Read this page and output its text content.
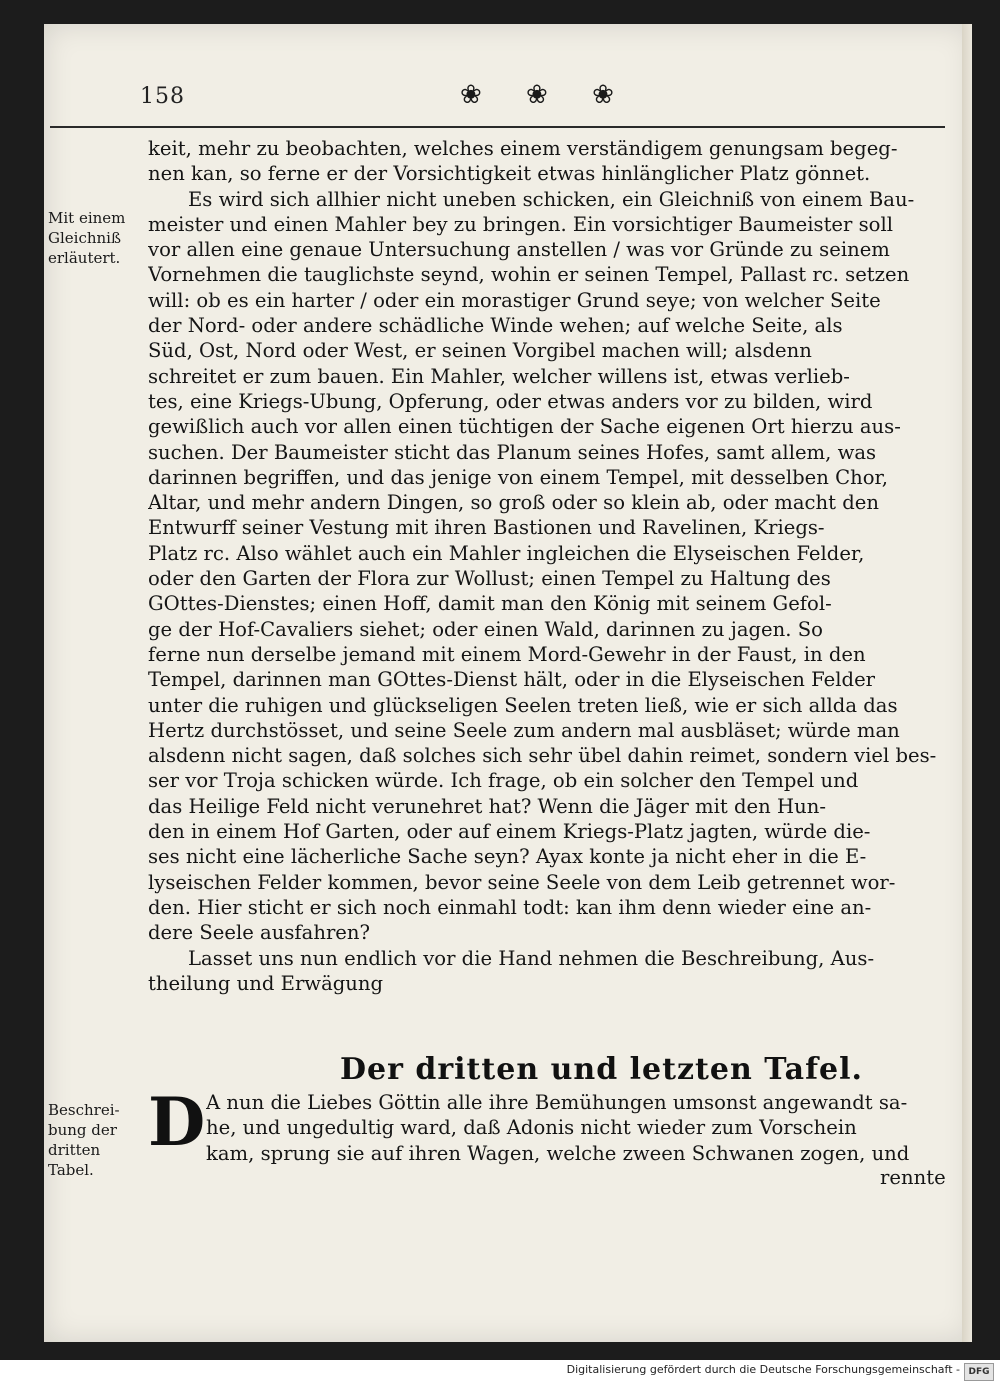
158	❀ ❀ ❀
Mit einem
Gleichniß
erläutert.
keit, mehr zu beobachten, welches einem verständigem genungsam begeg-
nen kan, so ferne er der Vorsichtigkeit etwas hinlänglicher Platz gönnet.
Es wird sich allhier nicht uneben schicken, ein Gleichniß von einem Bau-
meister und einen Mahler bey zu bringen. Ein vorsichtiger Baumeister soll
vor allen eine genaue Untersuchung anstellen / was vor Gründe zu seinem
Vornehmen die tauglichste seynd, wohin er seinen Tempel, Pallast rc. setzen
will: ob es ein harter / oder ein morastiger Grund seye; von welcher Seite
der Nord- oder andere schädliche Winde wehen; auf welche Seite, als
Süd, Ost, Nord oder West, er seinen Vorgibel machen will; alsdenn
schreitet er zum bauen. Ein Mahler, welcher willens ist, etwas verlieb-
tes, eine Kriegs-Ubung, Opferung, oder etwas anders vor zu bilden, wird
gewißlich auch vor allen einen tüchtigen der Sache eigenen Ort hierzu aus-
suchen. Der Baumeister sticht das Planum seines Hofes, samt allem, was
darinnen begriffen, und das jenige von einem Tempel, mit desselben Chor,
Altar, und mehr andern Dingen, so groß oder so klein ab, oder macht den
Entwurff seiner Vestung mit ihren Bastionen und Ravelinen, Kriegs-
Platz rc. Also wählet auch ein Mahler ingleichen die Elyseischen Felder,
oder den Garten der Flora zur Wollust; einen Tempel zu Haltung des
GOttes-Dienstes; einen Hoff, damit man den König mit seinem Gefol-
ge der Hof-Cavaliers siehet; oder einen Wald, darinnen zu jagen. So
ferne nun derselbe jemand mit einem Mord-Gewehr in der Faust, in den
Tempel, darinnen man GOttes-Dienst hält, oder in die Elyseischen Felder
unter die ruhigen und glückseligen Seelen treten ließ, wie er sich allda das
Hertz durchstösset, und seine Seele zum andern mal ausbläset; würde man
alsdenn nicht sagen, daß solches sich sehr übel dahin reimet, sondern viel bes-
ser vor Troja schicken würde. Ich frage, ob ein solcher den Tempel und
das Heilige Feld nicht verunehret hat? Wenn die Jäger mit den Hun-
den in einem Hof Garten, oder auf einem Kriegs-Platz jagten, würde die-
ses nicht eine lächerliche Sache seyn? Ayax konte ja nicht eher in die E-
lyseischen Felder kommen, bevor seine Seele von dem Leib getrennet wor-
den. Hier sticht er sich noch einmahl todt: kan ihm denn wieder eine an-
dere Seele ausfahren?
Lasset uns nun endlich vor die Hand nehmen die Beschreibung, Aus-
theilung und Erwägung
Der dritten und letzten Tafel.
Beschrei-
bung der
dritten
Tabel.
D A nun die Liebes Göttin alle ihre Bemühungen umsonst angewandt sa-
he, und ungedultig ward, daß Adonis nicht wieder zum Vorschein
kam, sprung sie auf ihren Wagen, welche zween Schwanen zogen, und
rennte
Digitalisierung gefördert durch die Deutsche Forschungsgemeinschaft - DFG
